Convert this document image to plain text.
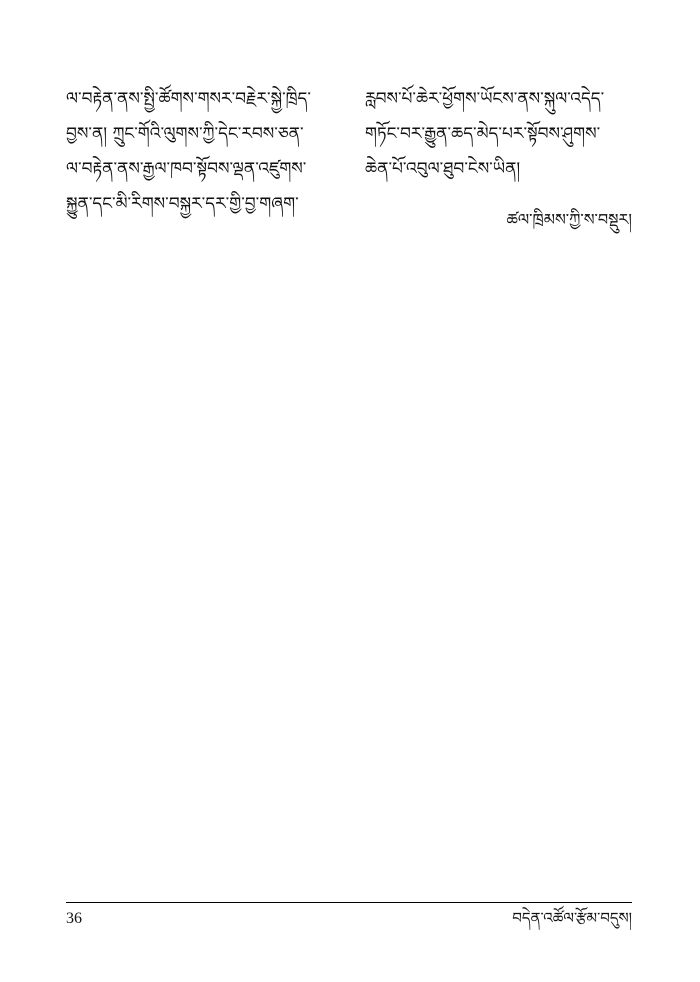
ལ་བརྟེན་ནས་སྤྱི་ཚོགས་གསར་བརྗེར་སྐྱེ་ཁྲིད་
བྱས་ན། ཀྲུང་གོའི་ལུགས་ཀྱི་དེང་རབས་ཅན་
ལ་བརྟེན་ནས་རྒྱལ་ཁབ་སྟོབས་ལྡན་འཛུགས་
སྐྱུན་དང་མི་རིགས་བསྐྱར་དར་གྱི་བྱ་གཞག་
རླབས་པོ་ཆེར་ཕྱོགས་ཡོངས་ནས་སྐུལ་འདེད་
གཏོང་བར་རྒྱུན་ཆད་མེད་པར་སྟོབས་ཤུགས་
ཆེན་པོ་འབུལ་ཐུབ་ངེས་ཡིན།
ཚལ་ཁྲིམས་ཀྱི་ས་བསྡུར།
36	བདེན་འཚོལ་རྩོམ་བདུས།
